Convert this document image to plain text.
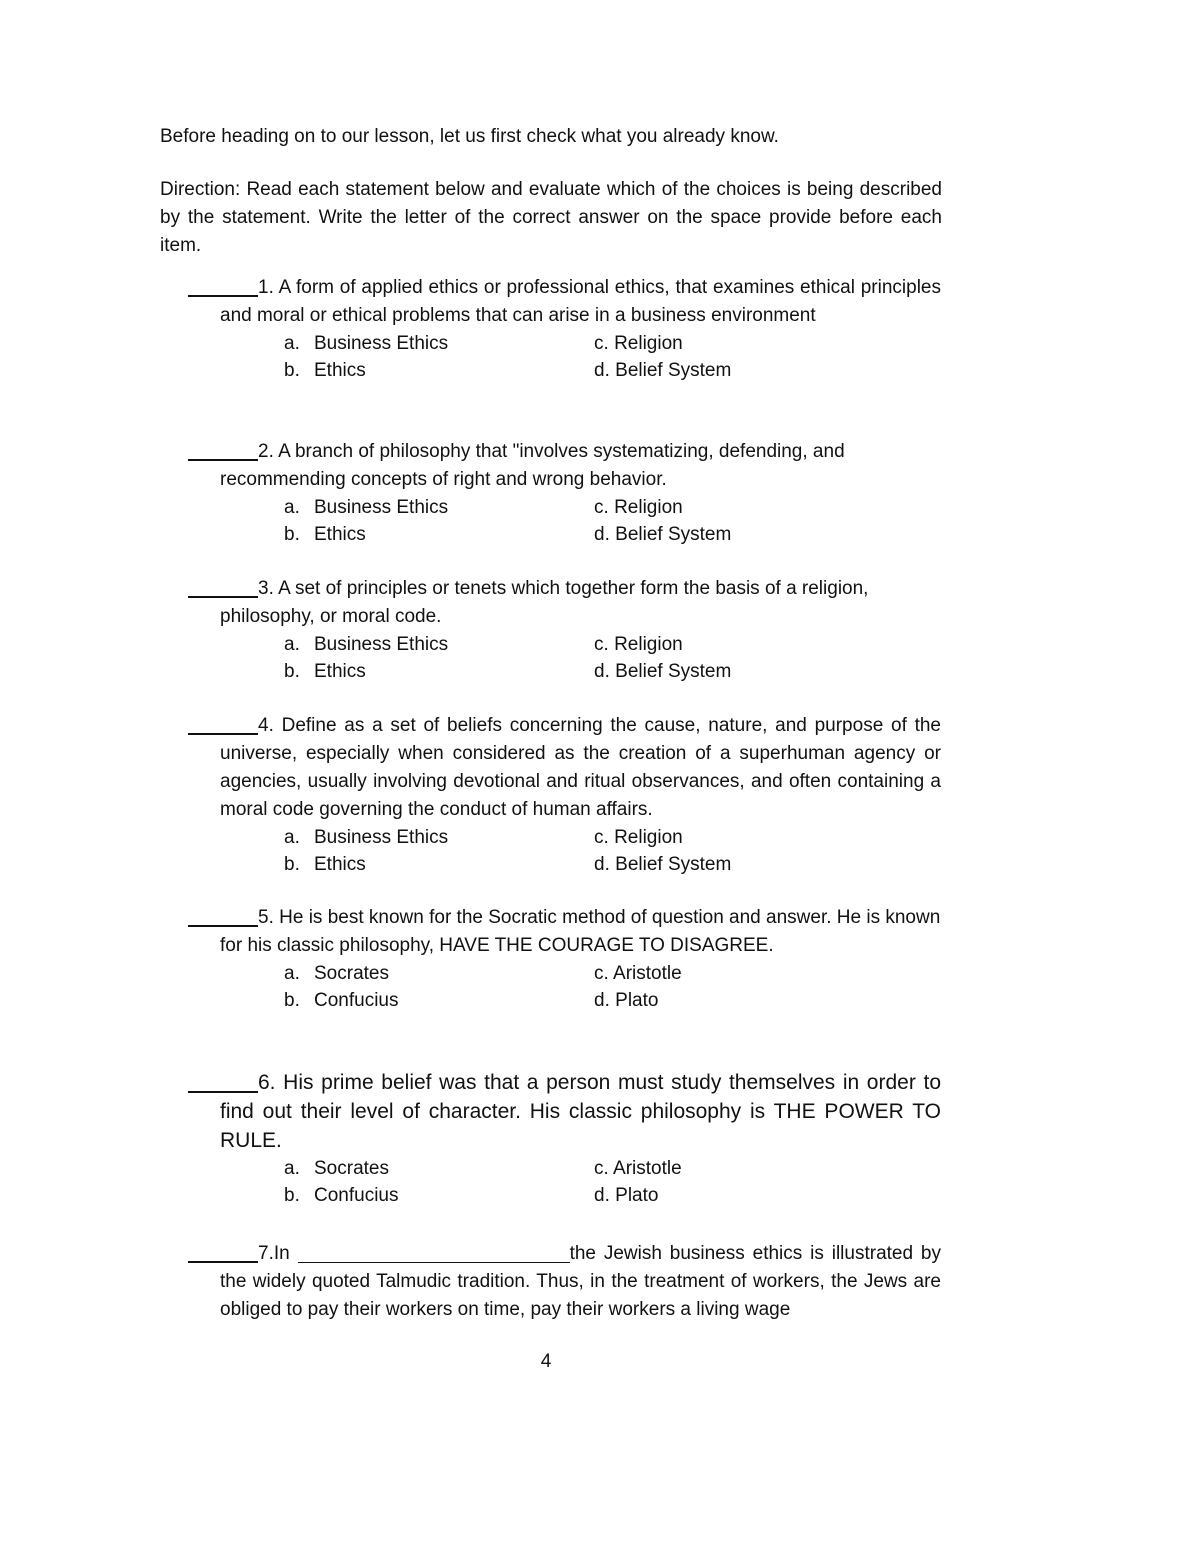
Before heading on to our lesson, let us first check what you already know.
Direction: Read each statement below and evaluate which of the choices is being described by the statement. Write the letter of the correct answer on the space provide before each item.
1. A form of applied ethics or professional ethics, that examines ethical principles and moral or ethical problems that can arise in a business environment
a. Business Ethics
b. Ethics
c. Religion
d. Belief System
2. A branch of philosophy that "involves systematizing, defending, and recommending concepts of right and wrong behavior.
a. Business Ethics
b. Ethics
c. Religion
d. Belief System
3. A set of principles or tenets which together form the basis of a religion, philosophy, or moral code.
a. Business Ethics
b. Ethics
c. Religion
d. Belief System
4. Define as a set of beliefs concerning the cause, nature, and purpose of the universe, especially when considered as the creation of a superhuman agency or agencies, usually involving devotional and ritual observances, and often containing a moral code governing the conduct of human affairs.
a. Business Ethics
b. Ethics
c. Religion
d. Belief System
5. He is best known for the Socratic method of question and answer. He is known for his classic philosophy, HAVE THE COURAGE TO DISAGREE.
a. Socrates
b. Confucius
c. Aristotle
d. Plato
6. His prime belief was that a person must study themselves in order to find out their level of character. His classic philosophy is THE POWER TO RULE.
a. Socrates
b. Confucius
c. Aristotle
d. Plato
7.In	the Jewish business ethics is illustrated by the widely quoted Talmudic tradition. Thus, in the treatment of workers, the Jews are obliged to pay their workers on time, pay their workers a living wage
4
